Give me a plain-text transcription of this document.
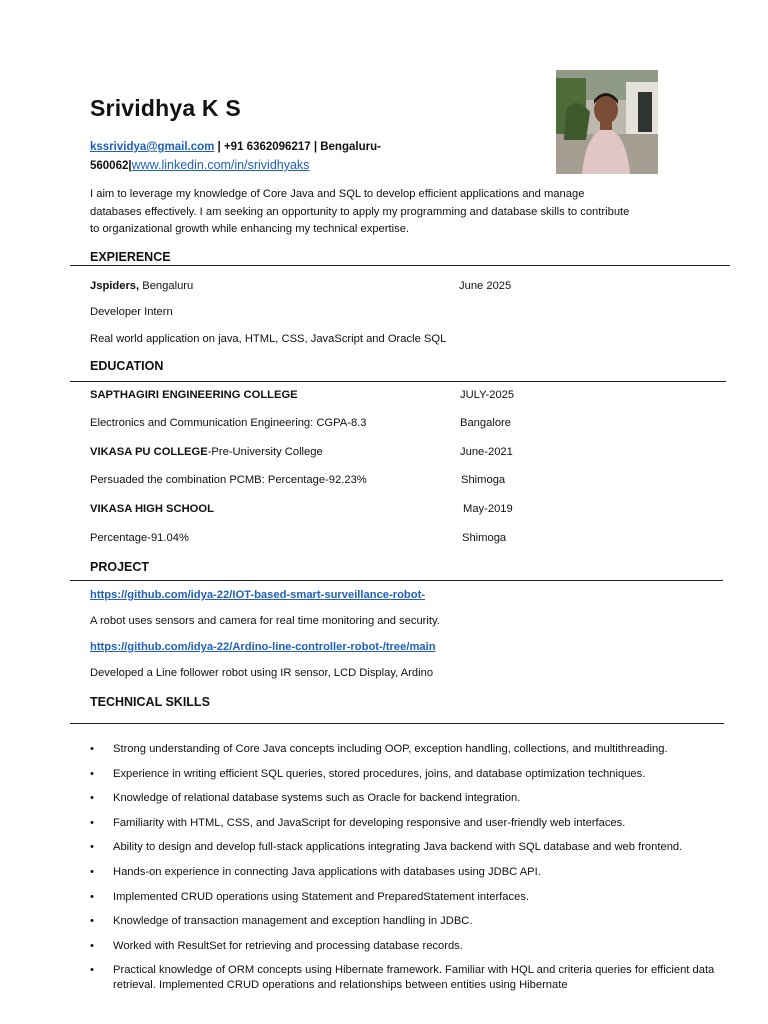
Srividhya K S
kssrividya@gmail.com | +91 6362096217 | Bengaluru-
560062|www.linkedin.com/in/srividhyaks
I aim to leverage my knowledge of Core Java and SQL to develop efficient applications and manage databases effectively. I am seeking an opportunity to apply my programming and database skills to contribute to organizational growth while enhancing my technical expertise.
EXPIERENCE
Jspiders, Bengaluru	June 2025
Developer Intern
Real world application on java, HTML, CSS, JavaScript and Oracle SQL
EDUCATION
SAPTHAGIRI ENGINEERING COLLEGE	JULY-2025
Electronics and Communication Engineering: CGPA-8.3	Bangalore
VIKASA PU COLLEGE-Pre-University College	June-2021
Persuaded the combination PCMB: Percentage-92.23%	Shimoga
VIKASA HIGH SCHOOL	May-2019
Percentage-91.04%	Shimoga
PROJECT
https://github.com/idya-22/IOT-based-smart-surveillance-robot-
A robot uses sensors and camera for real time monitoring and security.
https://github.com/idya-22/Ardino-line-controller-robot-/tree/main
Developed a Line follower robot using IR sensor, LCD Display, Ardino
TECHNICAL SKILLS
• Strong understanding of Core Java concepts including OOP, exception handling, collections, and multithreading.
• Experience in writing efficient SQL queries, stored procedures, joins, and database optimization techniques.
• Knowledge of relational database systems such as Oracle for backend integration.
• Familiarity with HTML, CSS, and JavaScript for developing responsive and user-friendly web interfaces.
• Ability to design and develop full-stack applications integrating Java backend with SQL database and web frontend.
• Hands-on experience in connecting Java applications with databases using JDBC API.
• Implemented CRUD operations using Statement and PreparedStatement interfaces.
• Knowledge of transaction management and exception handling in JDBC.
• Worked with ResultSet for retrieving and processing database records.
• Practical knowledge of ORM concepts using Hibernate framework. Familiar with HQL and criteria queries for efficient data retrieval. Implemented CRUD operations and relationships between entities using Hibernate
